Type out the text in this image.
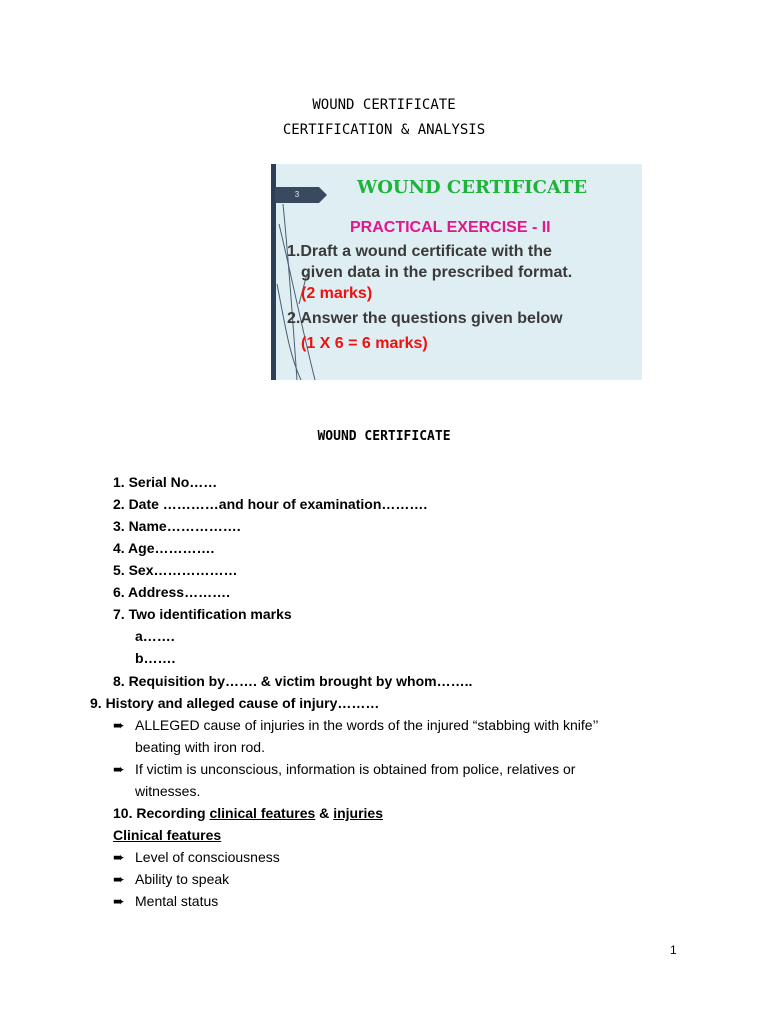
WOUND CERTIFICATE
CERTIFICATION & ANALYSIS
3	WOUND CERTIFICATE
PRACTICAL EXERCISE - II
1.Draft a wound certificate with the
given data in the prescribed format.
(2 marks)
2.Answer the questions given below
(1 X 6 = 6 marks)
WOUND CERTIFICATE
1. Serial No……
2. Date …………and hour of examination……….
3. Name…………….
4. Age………….
5. Sex………………
6. Address……….
7. Two identification marks
a…….
b…….
8. Requisition by……. & victim brought by whom……..
9. History and alleged cause of injury………
➨ ALLEGED cause of injuries in the words of the injured “stabbing with knife’’
beating with iron rod.
➨ If victim is unconscious, information is obtained from police, relatives or
witnesses.
10. Recording clinical features & injuries
Clinical features
➨ Level of consciousness
➨ Ability to speak
➨ Mental status
1
